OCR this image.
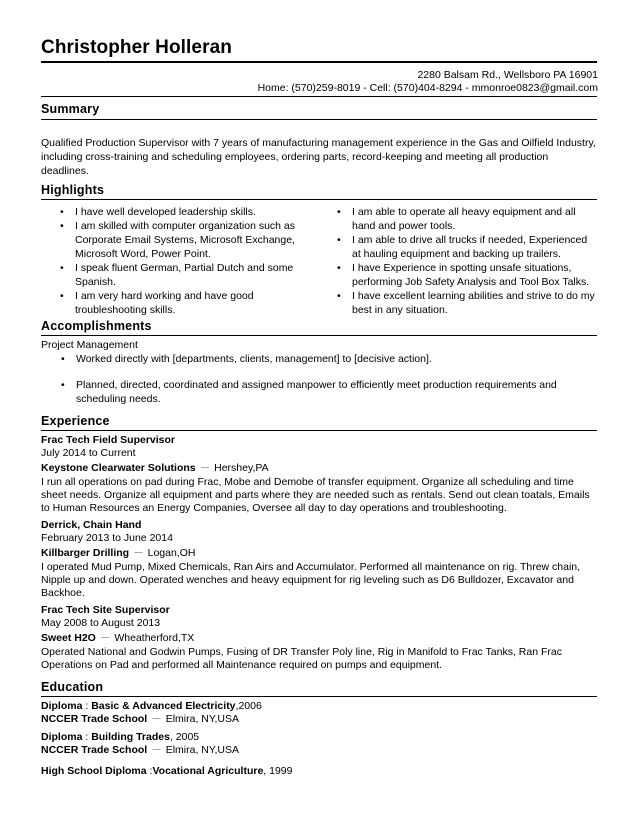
Christopher Holleran
2280 Balsam Rd., Wellsboro PA 16901
Home: (570)259-8019 - Cell: (570)404-8294 - mmonroe0823@gmail.com
Summary
Qualified Production Supervisor with 7 years of manufacturing management experience in the Gas and Oilfield Industry, including cross-training and scheduling employees, ordering parts, record-keeping and meeting all production deadlines.
Highlights
• I have well developed leadership skills.
• I am skilled with computer organization such as Corporate Email Systems, Microsoft Exchange, Microsoft Word, Power Point.
• I speak fluent German, Partial Dutch and some Spanish.
• I am very hard working and have good troubleshooting skills.
• I am able to operate all heavy equipment and all hand and power tools.
• I am able to drive all trucks if needed, Experienced at hauling equipment and backing up trailers.
• I have Experience in spotting unsafe situations, performing Job Safety Analysis and Tool Box Talks.
• I have excellent learning abilities and strive to do my best in any situation.
Accomplishments
Project Management
• Worked directly with [departments, clients, management] to [decisive action].
• Planned, directed, coordinated and assigned manpower to efficiently meet production requirements and scheduling needs.
Experience
Frac Tech Field Supervisor
July 2014 to Current
Keystone Clearwater Solutions － Hershey,PA
I run all operations on pad during Frac, Mobe and Demobe of transfer equipment. Organize all scheduling and time sheet needs. Organize all equipment and parts where they are needed such as rentals. Send out clean toatals, Emails to Human Resources an Energy Companies, Oversee all day to day operations and troubleshooting.
Derrick, Chain Hand
February 2013 to June 2014
Killbarger Drilling － Logan,OH
I operated Mud Pump, Mixed Chemicals, Ran Airs and Accumulator. Performed all maintenance on rig. Threw chain, Nipple up and down. Operated wenches and heavy equipment for rig leveling such as D6 Bulldozer, Excavator and Backhoe.
Frac Tech Site Supervisor
May 2008 to August 2013
Sweet H2O － Wheatherford,TX
Operated National and Godwin Pumps, Fusing of DR Transfer Poly line, Rig in Manifold to Frac Tanks, Ran Frac Operations on Pad and performed all Maintenance required on pumps and equipment.
Education
Diploma : Basic & Advanced Electricity,2006
NCCER Trade School － Elmira, NY,USA
Diploma : Building Trades, 2005
NCCER Trade School － Elmira, NY,USA
High School Diploma :Vocational Agriculture, 1999
